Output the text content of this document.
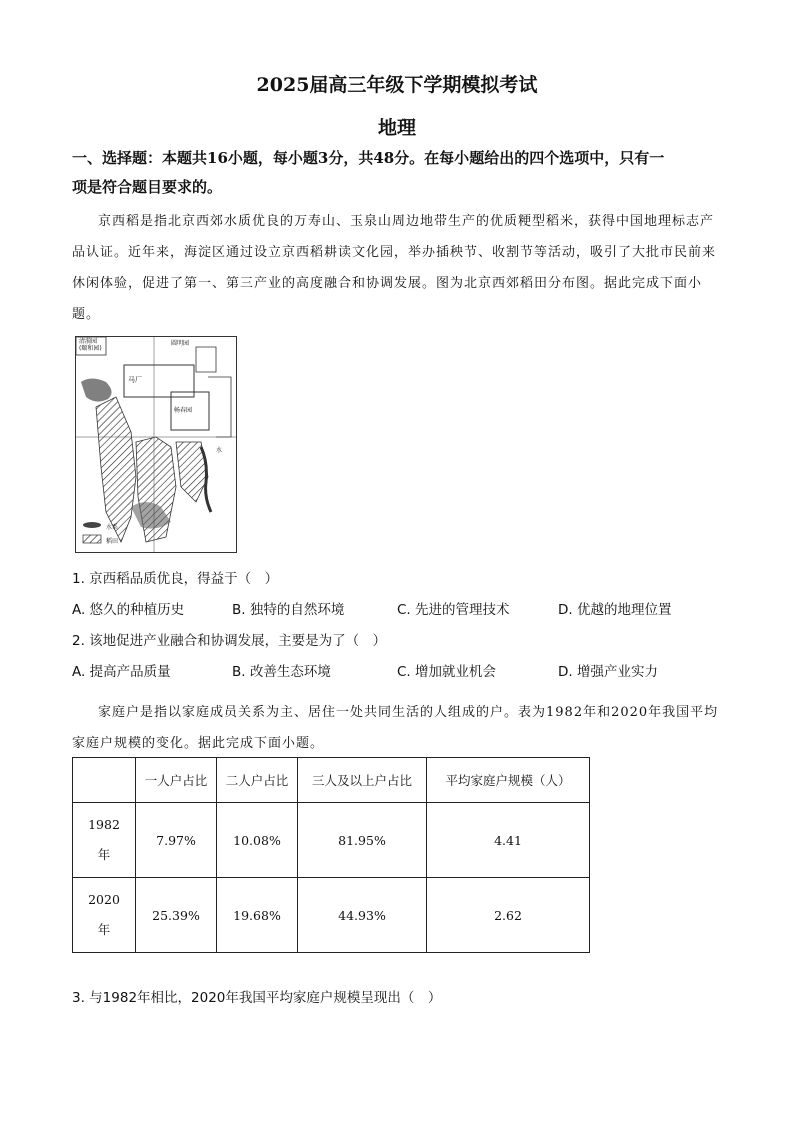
2025届高三年级下学期模拟考试
地理
一、选择题：本题共16小题，每小题3分，共48分。在每小题给出的四个选项中，只有一
项是符合题目要求的。
京西稻是指北京西郊水质优良的万寿山、玉泉山周边地带生产的优质粳型稻米，获得中国地理标志产品认证。近年来，海淀区通过设立京西稻耕读文化园，举办插秧节、收割节等活动，吸引了大批市民前来休闲体验，促进了第一、第三产业的高度融合和协调发展。图为北京西郊稻田分布图。据此完成下面小题。
清漪园
(颐和园)
圆明园
马厂
畅春园
水
水系
稻田
1. 京西稻品质优良，得益于（　）
A. 悠久的种植历史	B. 独特的自然环境	C. 先进的管理技术	D. 优越的地理位置
2. 该地促进产业融合和协调发展，主要是为了（　）
A. 提高产品质量	B. 改善生态环境	C. 增加就业机会	D. 增强产业实力
家庭户是指以家庭成员关系为主、居住一处共同生活的人组成的户。表为1982年和2020年我国平均家庭户规模的变化。据此完成下面小题。
	一人户占比	二人户占比	三人及以上户占比	平均家庭户规模（人）

1982
年	7.97%	10.08%	81.95%	4.41

2020
年	25.39%	19.68%	44.93%	2.62
3. 与1982年相比，2020年我国平均家庭户规模呈现出（　）
